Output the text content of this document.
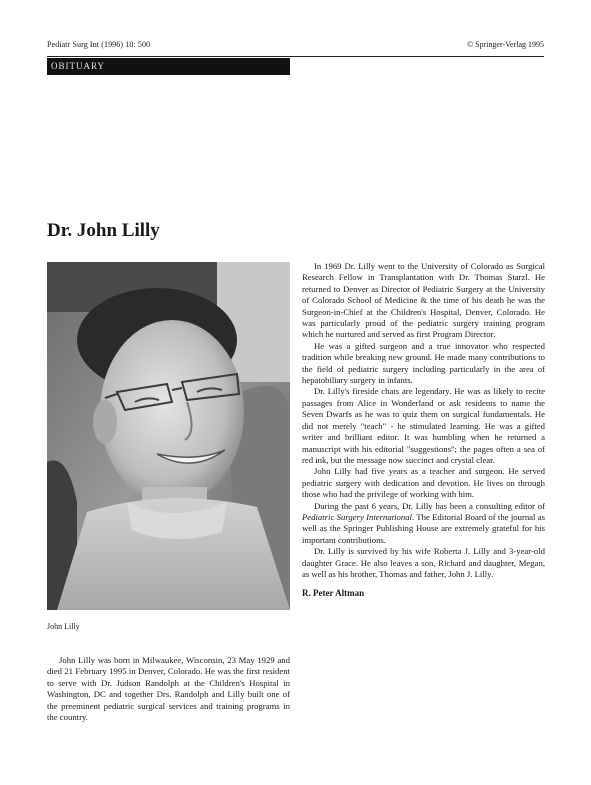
Pediatr Surg Int (1996) 10: 500	© Springer-Verlag 1995
OBITUARY
Dr. John Lilly
John Lilly

John Lilly was born in Milwaukee, Wisconsin, 23 May 1929 and died 21 February 1995 in Denver, Colorado. He was the first resident to serve with Dr. Judson Randolph at the Children's Hospital in Washington, DC and together Drs. Randolph and Lilly built one of the preeminent pediatric surgical services and training programs in the country.

In 1969 Dr. Lilly went to the University of Colorado as Surgical Research Fellow in Transplantation with Dr. Thomas Starzl. He returned to Denver as Director of Pediatric Surgery at the University of Colorado School of Medicine & the time of his death he was the Surgeon-in-Chief at the Children's Hospital, Denver, Colorado. He was particularly proud of the pediatric surgery training program which he nurtured and served as first Program Director.

He was a gifted surgeon and a true innovator who respected tradition while breaking new ground. He made many contributions to the field of pediatric surgery including particularly in the area of hepatobiliary surgery in infants.

Dr. Lilly's fireside chats are legendary. He was as likely to recite passages from Alice in Wonderland or ask residents to name the Seven Dwarfs as he was to quiz them on surgical fundamentals. He did not merely "teach" - he stimulated learning. He was a gifted writer and brilliant editor. It was humbling when he returned a manuscript with his editorial "suggestions"; the pages often a sea of red ink, but the message now succinct and crystal clear.

John Lilly had five years as a teacher and surgeon. He served pediatric surgery with dedication and devotion. He lives on through those who had the privilege of working with him.

During the past 6 years, Dr. Lilly has been a consulting editor of Pediatric Surgery International. The Editorial Board of the journal as well as the Springer Publishing House are extremely grateful for his important contributions.

Dr. Lilly is survived by his wife Roberta J. Lilly and 3-year-old daughter Grace. He also leaves a son, Richard and daughter, Megan, as well as his brother, Thomas and father, John J. Lilly.

R. Peter Altman
